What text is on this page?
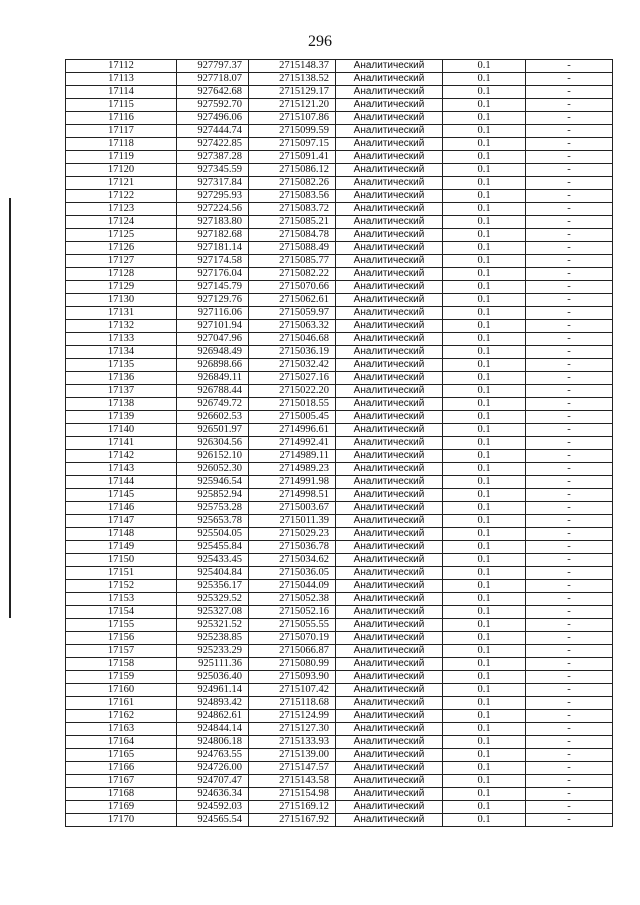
296
17112	927797.37	2715148.37	Аналитический	0.1	-
17113	927718.07	2715138.52	Аналитический	0.1	-
17114	927642.68	2715129.17	Аналитический	0.1	-
17115	927592.70	2715121.20	Аналитический	0.1	-
17116	927496.06	2715107.86	Аналитический	0.1	-
17117	927444.74	2715099.59	Аналитический	0.1	-
17118	927422.85	2715097.15	Аналитический	0.1	-
17119	927387.28	2715091.41	Аналитический	0.1	-
17120	927345.59	2715086.12	Аналитический	0.1	-
17121	927317.84	2715082.26	Аналитический	0.1	-
17122	927295.93	2715083.56	Аналитический	0.1	-
17123	927224.56	2715083.72	Аналитический	0.1	-
17124	927183.80	2715085.21	Аналитический	0.1	-
17125	927182.68	2715084.78	Аналитический	0.1	-
17126	927181.14	2715088.49	Аналитический	0.1	-
17127	927174.58	2715085.77	Аналитический	0.1	-
17128	927176.04	2715082.22	Аналитический	0.1	-
17129	927145.79	2715070.66	Аналитический	0.1	-
17130	927129.76	2715062.61	Аналитический	0.1	-
17131	927116.06	2715059.97	Аналитический	0.1	-
17132	927101.94	2715063.32	Аналитический	0.1	-
17133	927047.96	2715046.68	Аналитический	0.1	-
17134	926948.49	2715036.19	Аналитический	0.1	-
17135	926898.66	2715032.42	Аналитический	0.1	-
17136	926849.11	2715027.16	Аналитический	0.1	-
17137	926788.44	2715022.20	Аналитический	0.1	-
17138	926749.72	2715018.55	Аналитический	0.1	-
17139	926602.53	2715005.45	Аналитический	0.1	-
17140	926501.97	2714996.61	Аналитический	0.1	-
17141	926304.56	2714992.41	Аналитический	0.1	-
17142	926152.10	2714989.11	Аналитический	0.1	-
17143	926052.30	2714989.23	Аналитический	0.1	-
17144	925946.54	2714991.98	Аналитический	0.1	-
17145	925852.94	2714998.51	Аналитический	0.1	-
17146	925753.28	2715003.67	Аналитический	0.1	-
17147	925653.78	2715011.39	Аналитический	0.1	-
17148	925504.05	2715029.23	Аналитический	0.1	-
17149	925455.84	2715036.78	Аналитический	0.1	-
17150	925433.45	2715034.62	Аналитический	0.1	-
17151	925404.84	2715036.05	Аналитический	0.1	-
17152	925356.17	2715044.09	Аналитический	0.1	-
17153	925329.52	2715052.38	Аналитический	0.1	-
17154	925327.08	2715052.16	Аналитический	0.1	-
17155	925321.52	2715055.55	Аналитический	0.1	-
17156	925238.85	2715070.19	Аналитический	0.1	-
17157	925233.29	2715066.87	Аналитический	0.1	-
17158	925111.36	2715080.99	Аналитический	0.1	-
17159	925036.40	2715093.90	Аналитический	0.1	-
17160	924961.14	2715107.42	Аналитический	0.1	-
17161	924893.42	2715118.68	Аналитический	0.1	-
17162	924862.61	2715124.99	Аналитический	0.1	-
17163	924844.14	2715127.30	Аналитический	0.1	-
17164	924806.18	2715133.93	Аналитический	0.1	-
17165	924763.55	2715139.00	Аналитический	0.1	-
17166	924726.00	2715147.57	Аналитический	0.1	-
17167	924707.47	2715143.58	Аналитический	0.1	-
17168	924636.34	2715154.98	Аналитический	0.1	-
17169	924592.03	2715169.12	Аналитический	0.1	-
17170	924565.54	2715167.92	Аналитический	0.1	-
